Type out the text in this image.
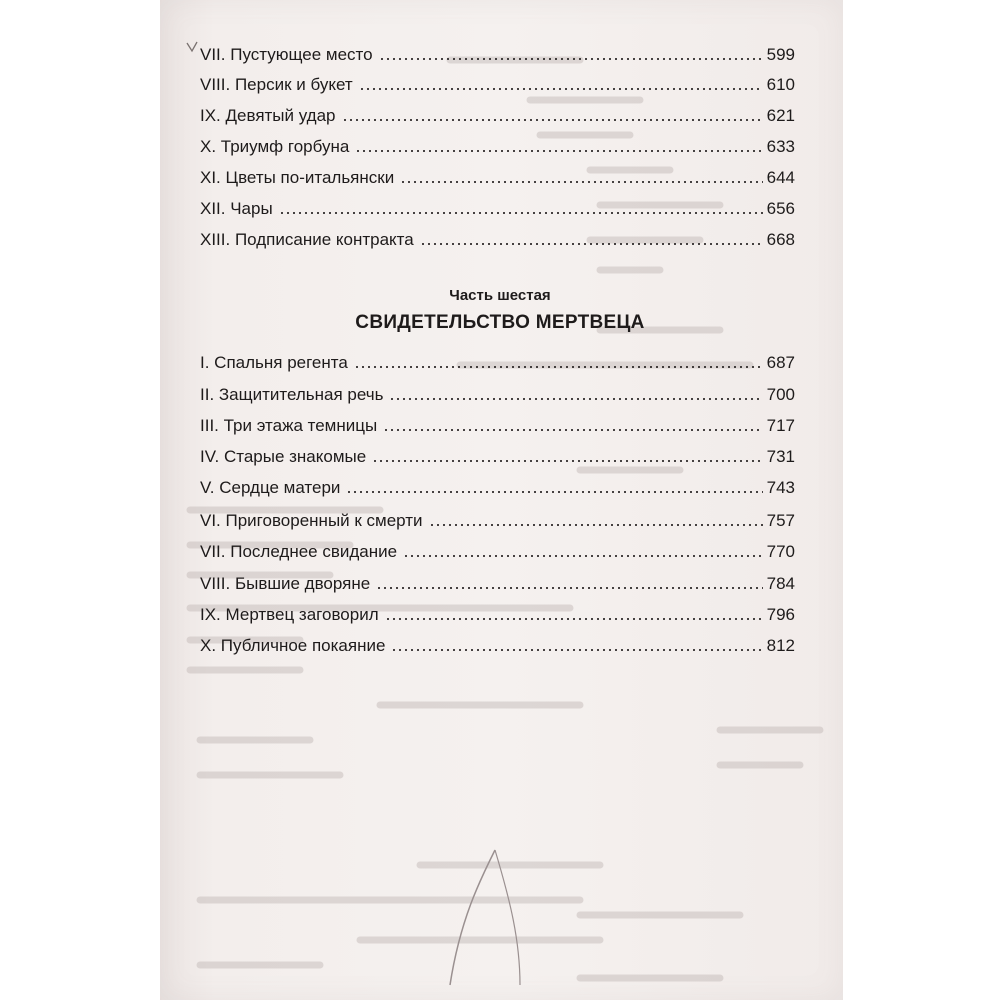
VII. Пустующее место	599
VIII. Персик и букет	610
IX. Девятый удар	621
X. Триумф горбуна	633
XI. Цветы по-итальянски	644
XII. Чары	656
XIII. Подписание контракта	668
Часть шестая
СВИДЕТЕЛЬСТВО МЕРТВЕЦА
I. Спальня регента	687
II. Защитительная речь	700
III. Три этажа темницы	717
IV. Старые знакомые	731
V. Сердце матери	743
VI. Приговоренный к смерти	757
VII. Последнее свидание	770
VIII. Бывшие дворяне	784
IX. Мертвец заговорил	796
X. Публичное покаяние	812
